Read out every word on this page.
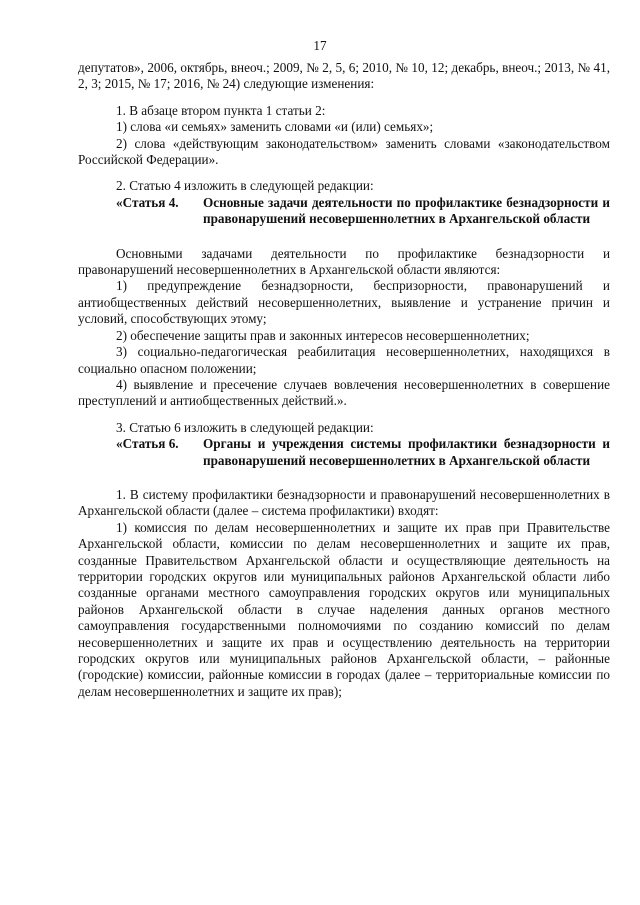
17

депутатов», 2006, октябрь, внеоч.; 2009, № 2, 5, 6; 2010, № 10, 12; декабрь, внеоч.; 2013, № 41, 2, 3; 2015, № 17; 2016, № 24) следующие изменения:

1. В абзаце втором пункта 1 статьи 2:

1) слова «и семьях» заменить словами «и (или) семьях»;

2) слова «действующим законодательством» заменить словами «законодательством Российской Федерации».

2. Статью 4 изложить в следующей редакции:

«Статья 4.	Основные задачи деятельности по профилактике безнадзорности и правонарушений несовершеннолетних в Архангельской области

Основными задачами деятельности по профилактике безнадзорности и правонарушений несовершеннолетних в Архангельской области являются:

1) предупреждение безнадзорности, беспризорности, правонарушений и антиобщественных действий несовершеннолетних, выявление и устранение причин и условий, способствующих этому;

2) обеспечение защиты прав и законных интересов несовершеннолетних;

3) социально-педагогическая реабилитация несовершеннолетних, находящихся в социально опасном положении;

4) выявление и пресечение случаев вовлечения несовершеннолетних в совершение преступлений и антиобщественных действий.».

3. Статью 6 изложить в следующей редакции:

«Статья 6.	Органы и учреждения системы профилактики безнадзорности и правонарушений несовершеннолетних в Архангельской области

1. В систему профилактики безнадзорности и правонарушений несовершеннолетних в Архангельской области (далее – система профилактики) входят:

1) комиссия по делам несовершеннолетних и защите их прав при Правительстве Архангельской области, комиссии по делам несовершеннолетних и защите их прав, созданные Правительством Архангельской области и осуществляющие деятельность на территории городских округов или муниципальных районов Архангельской области либо созданные органами местного самоуправления городских округов или муниципальных районов Архангельской области в случае наделения данных органов местного самоуправления государственными полномочиями по созданию комиссий по делам несовершеннолетних и защите их прав и осуществлению деятельность на территории городских округов или муниципальных районов Архангельской области, – районные (городские) комиссии, районные комиссии в городах (далее – территориальные комиссии по делам несовершеннолетних и защите их прав);
